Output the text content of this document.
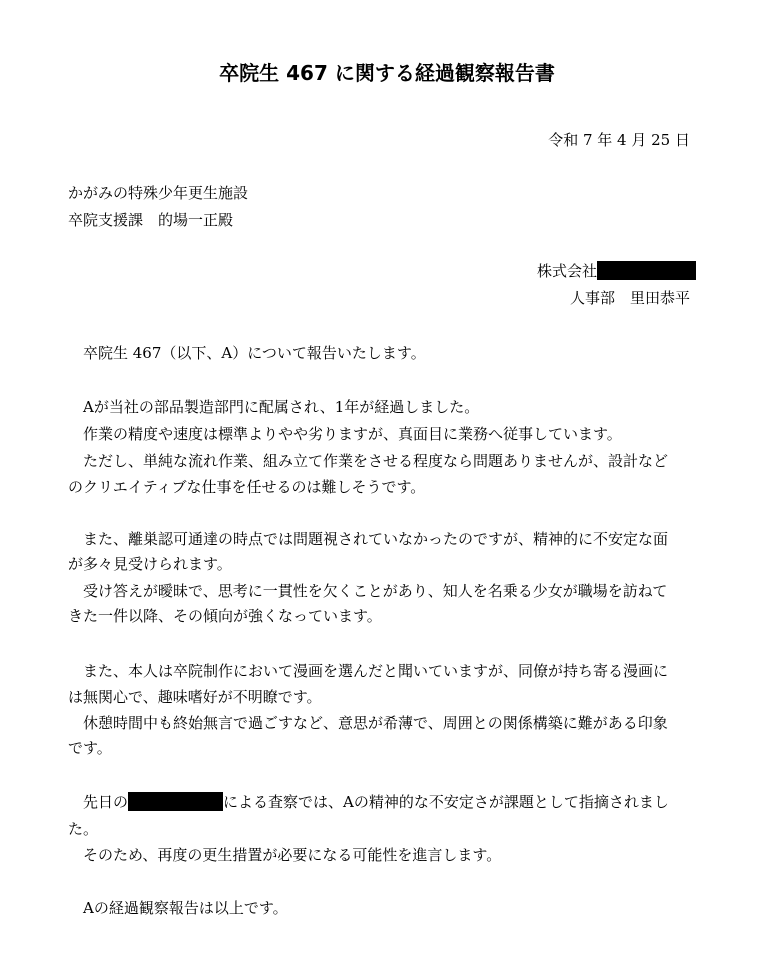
卒院生 467 に関する経過観察報告書
令和 7 年 4 月 25 日
かがみの特殊少年更生施設
卒院支援課　的場一正殿
株式会社
人事部　里田恭平
卒院生 467（以下、A）について報告いたします。
Aが当社の部品製造部門に配属され、1年が経過しました。
作業の精度や速度は標準よりやや劣りますが、真面目に業務へ従事しています。
ただし、単純な流れ作業、組み立て作業をさせる程度なら問題ありませんが、設計など
のクリエイティブな仕事を任せるのは難しそうです。
また、離巣認可通達の時点では問題視されていなかったのですが、精神的に不安定な面
が多々見受けられます。
受け答えが曖昧で、思考に一貫性を欠くことがあり、知人を名乗る少女が職場を訪ねて
きた一件以降、その傾向が強くなっています。
また、本人は卒院制作において漫画を選んだと聞いていますが、同僚が持ち寄る漫画に
は無関心で、趣味嗜好が不明瞭です。
休憩時間中も終始無言で過ごすなど、意思が希薄で、周囲との関係構築に難がある印象
です。
先日の	による査察では、Aの精神的な不安定さが課題として指摘されまし
た。
そのため、再度の更生措置が必要になる可能性を進言します。
Aの経過観察報告は以上です。
